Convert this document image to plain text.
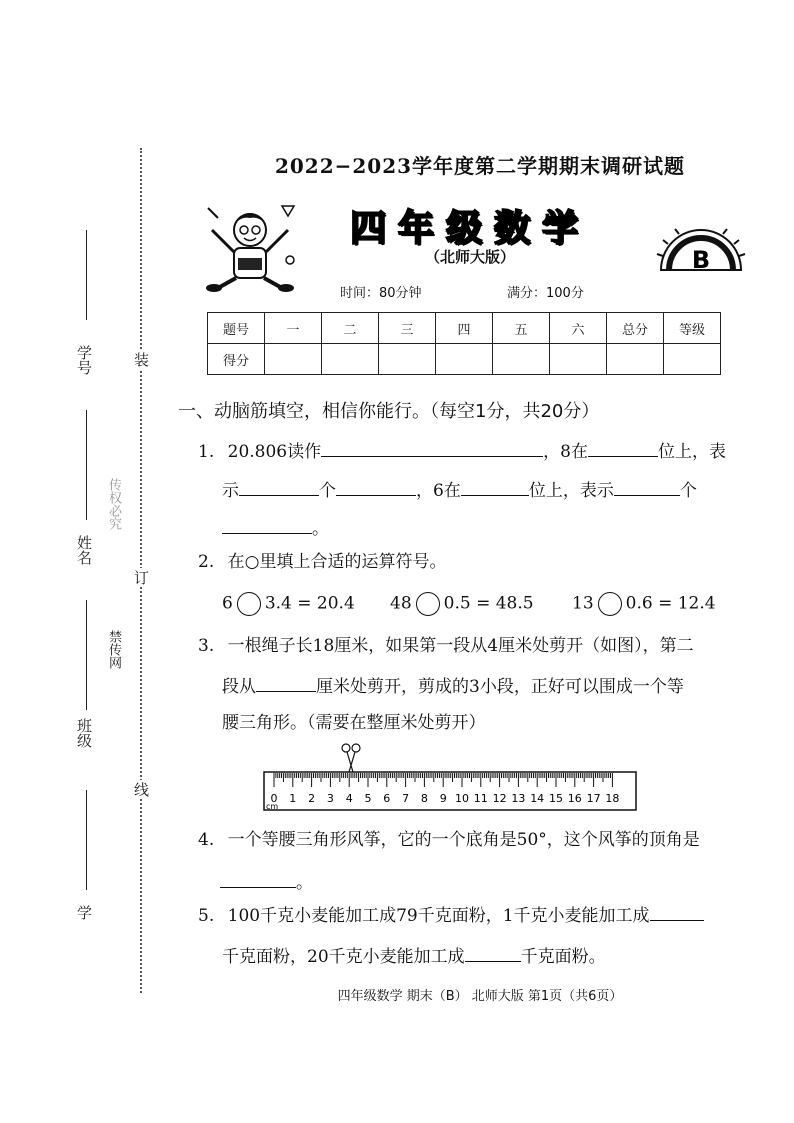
学号
姓名
班级
学
传权必究
禁传网
装
订
线
2022−2023学年度第二学期期末调研试题
四年级数学
（北师大版）	B
时间：80分钟	满分：100分
题号	一	二	三	四	五	六	总分	等级
得分								
一、动脑筋填空，相信你能行。（每空1分，共20分）
1. 20.806读作	，8在	位上，表
示	个	，6在	位上，表示	个
。
2. 在○里填上合适的运算符号。
6 3.4 = 20.4 48 0.5 = 48.5 13 0.6 = 12.4
3. 一根绳子长18厘米，如果第一段从4厘米处剪开（如图），第二
段从	厘米处剪开，剪成的3小段，正好可以围成一个等
腰三角形。（需要在整厘米处剪开）
0 1 2 3 4 5 6 7 8 9 10 11 12 13 14 15 16 17 18
cm
4. 一个等腰三角形风筝，它的一个底角是50°，这个风筝的顶角是
。
5. 100千克小麦能加工成79千克面粉，1千克小麦能加工成
千克面粉，20千克小麦能加工成	千克面粉。
四年级数学 期末（B） 北师大版 第1页（共6页）
